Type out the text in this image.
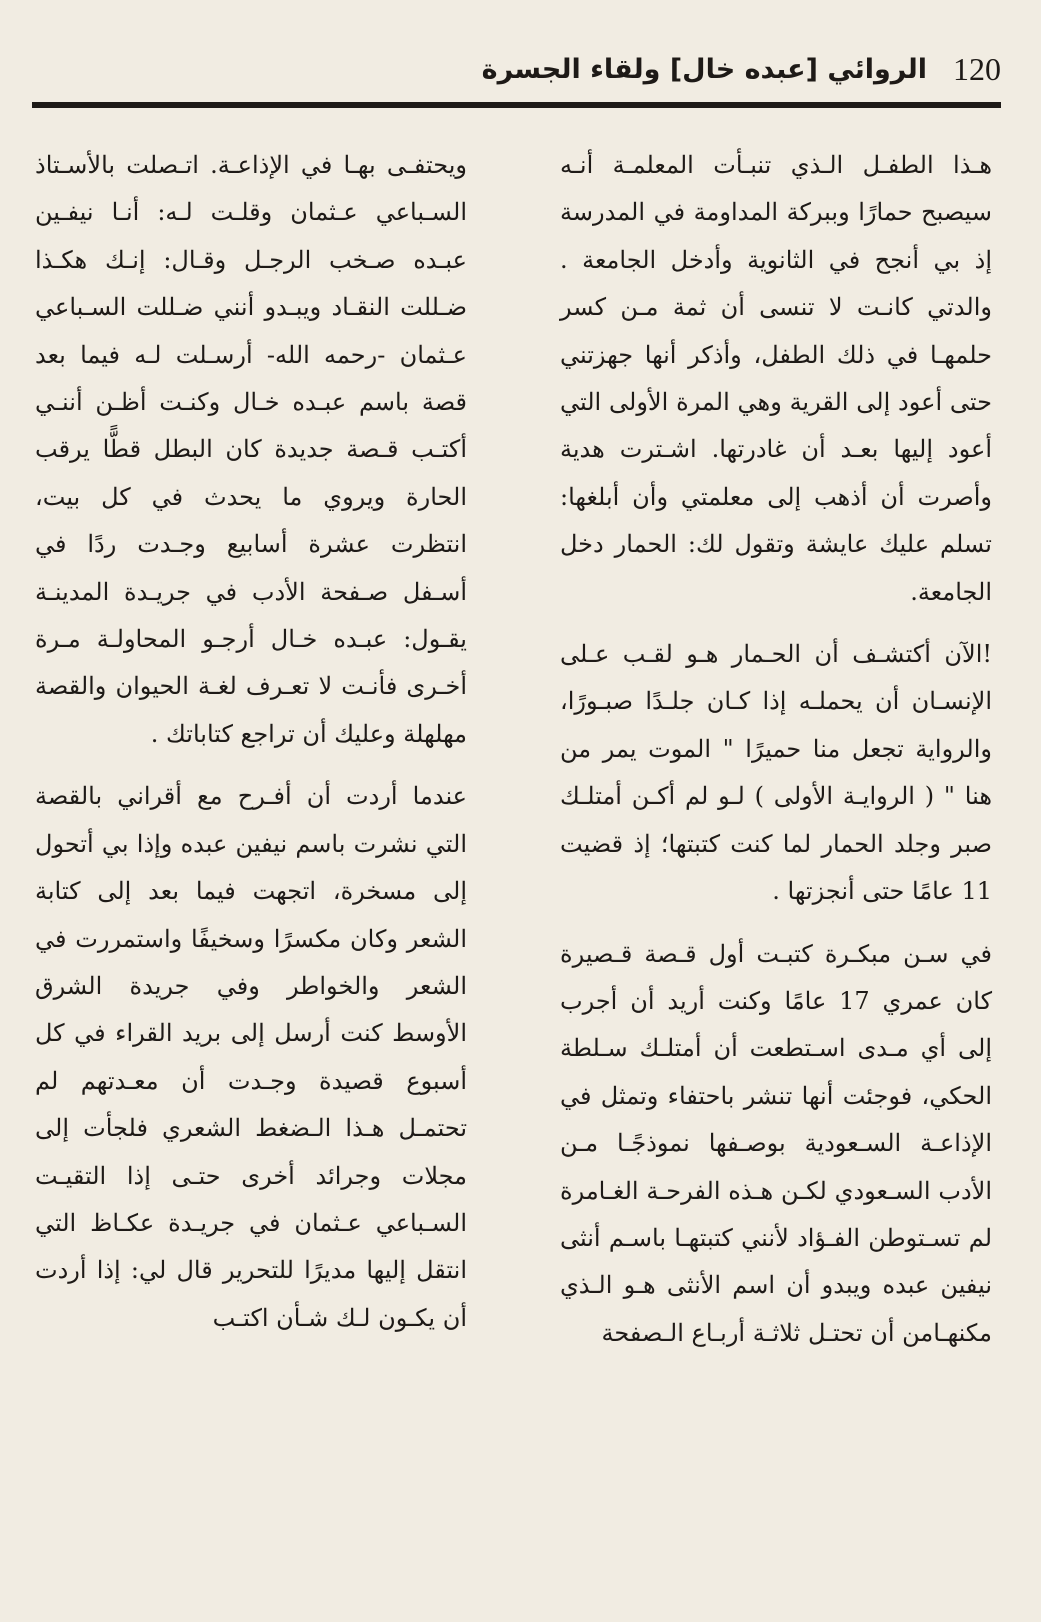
الروائي [عبده خال] ولقاء الجسرة 120

هـذا الطفـل الـذي تنبـأت المعلمـة أنـه سيصبح حمارًا وببركة المداومة في المدرسة إذ بي أنجح في الثانوية وأدخل الجامعة . والدتي كانـت لا تنسى أن ثمة مـن كسر حلمهـا في ذلك الطفل، وأذكر أنها جهزتني حتى أعود إلى القرية وهي المرة الأولى التي أعود إليها بعـد أن غادرتها. اشـترت هدية وأصرت أن أذهب إلى معلمتي وأن أبلغها: تسلم عليك عايشة وتقول لك: الحمار دخل الجامعة.

!الآن أكتشـف أن الحـمار هـو لقـب عـلى الإنسـان أن يحملـه إذا كـان جلـدًا صبـورًا، والرواية تجعل منا حميرًا " الموت يمر من هنا " ( الروايـة الأولى ) لـو لم أكـن أمتلـك صبر وجلد الحمار لما كنت كتبتها؛ إذ قضيت 11 عامًا حتى أنجزتها .

في سـن مبكـرة كتبـت أول قـصة قـصيرة كان عمري 17 عامًا وكنت أريد أن أجرب إلى أي مـدى اسـتطعت أن أمتلـك سـلطة الحكي، فوجئت أنها تنشر باحتفاء وتمثل في الإذاعـة السـعودية بوصـفها نموذجًـا مـن الأدب السـعودي لكـن هـذه الفرحـة الغـامرة لم تسـتوطن الفـؤاد لأنني كتبتهـا باسـم أنثى نيفين عبده ويبدو أن اسم الأنثى هـو الـذي مكنهـامن أن تحتـل ثلاثـة أربـاع الـصفحة

ويحتفـى بهـا في الإذاعـة. اتـصلت بالأسـتاذ السـباعي عـثمان وقلـت لـه: أنـا نيفـين عبـده صـخب الرجـل وقـال: إنـك هكـذا ضـللت النقـاد ويبـدو أنني ضـللت السـباعي عـثمان -رحمه الله- أرسـلت لـه فيما بعد قصة باسم عبـده خـال وكنـت أظـن أننـي أكتـب قـصة جديدة كان البطل قطًّا يرقب الحارة ويروي ما يحدث في كل بيت، انتظرت عشرة أسابيع وجـدت ردًا في أسـفل صـفحة الأدب في جريـدة المدينـة يقـول: عبـده خـال أرجـو المحاولـة مـرة أخـرى فأنـت لا تعـرف لغـة الحيوان والقصة مهلهلة وعليك أن تراجع كتاباتك .

عندما أردت أن أفـرح مع أقراني بالقصة التي نشرت باسم نيفين عبده وإذا بي أتحول إلى مسخرة، اتجهت فيما بعد إلى كتابة الشعر وكان مكسرًا وسخيفًا واستمررت في الشعر والخواطر وفي جريدة الشرق الأوسط كنت أرسل إلى بريد القراء في كل أسبوع قصيدة وجـدت أن معـدتهم لم تحتمـل هـذا الـضغط الشعري فلجأت إلى مجلات وجرائد أخرى حتـى إذا التقيـت السـباعي عـثمان في جريـدة عكـاظ التي انتقل إليها مديرًا للتحرير قال لي: إذا أردت أن يكـون لـك شـأن اكتـب
